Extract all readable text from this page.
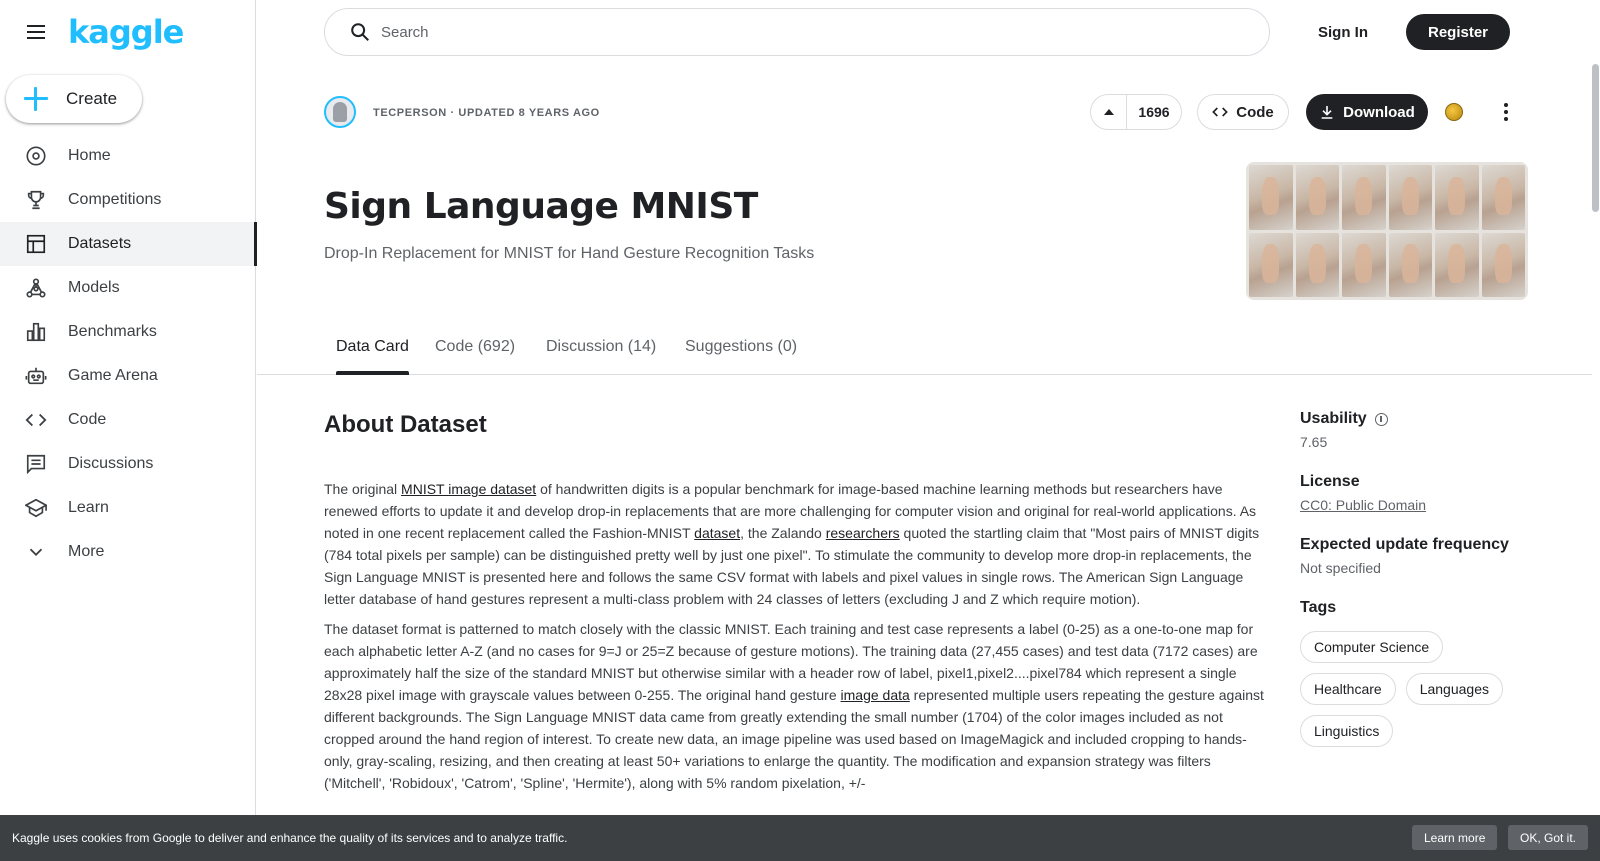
kaggle
Create
Home
Competitions
Datasets
Models
Benchmarks
Game Arena
Code
Discussions
Learn
More
Search
Sign In	Register
TECPERSON · UPDATED 8 YEARS AGO	1696	Code	Download
Sign Language MNIST
Drop-In Replacement for MNIST for Hand Gesture Recognition Tasks
Data Card Code (692) Discussion (14) Suggestions (0)
About Dataset

The original MNIST image dataset of handwritten digits is a popular benchmark for image-based machine learning methods but researchers have renewed efforts to update it and develop drop-in replacements that are more challenging for computer vision and original for real-world applications. As noted in one recent replacement called the Fashion-MNIST dataset, the Zalando researchers quoted the startling claim that "Most pairs of MNIST digits (784 total pixels per sample) can be distinguished pretty well by just one pixel". To stimulate the community to develop more drop-in replacements, the Sign Language MNIST is presented here and follows the same CSV format with labels and pixel values in single rows. The American Sign Language letter database of hand gestures represent a multi-class problem with 24 classes of letters (excluding J and Z which require motion).

The dataset format is patterned to match closely with the classic MNIST. Each training and test case represents a label (0-25) as a one-to-one map for each alphabetic letter A-Z (and no cases for 9=J or 25=Z because of gesture motions). The training data (27,455 cases) and test data (7172 cases) are approximately half the size of the standard MNIST but otherwise similar with a header row of label, pixel1,pixel2....pixel784 which represent a single 28x28 pixel image with grayscale values between 0-255. The original hand gesture image data represented multiple users repeating the gesture against different backgrounds. The Sign Language MNIST data came from greatly extending the small number (1704) of the color images included as not cropped around the hand region of interest. To create new data, an image pipeline was used based on ImageMagick and included cropping to hands-only, gray-scaling, resizing, and then creating at least 50+ variations to enlarge the quantity. The modification and expansion strategy was filters ('Mitchell', 'Robidoux', 'Catrom', 'Spline', 'Hermite'), along with 5% random pixelation, +/-

Usability
7.65
License
CC0: Public Domain
Expected update frequency
Not specified
Tags
Computer Science
Healthcare	Languages
Linguistics
Kaggle uses cookies from Google to deliver and enhance the quality of its services and to analyze traffic.	Learn more	OK, Got it.
